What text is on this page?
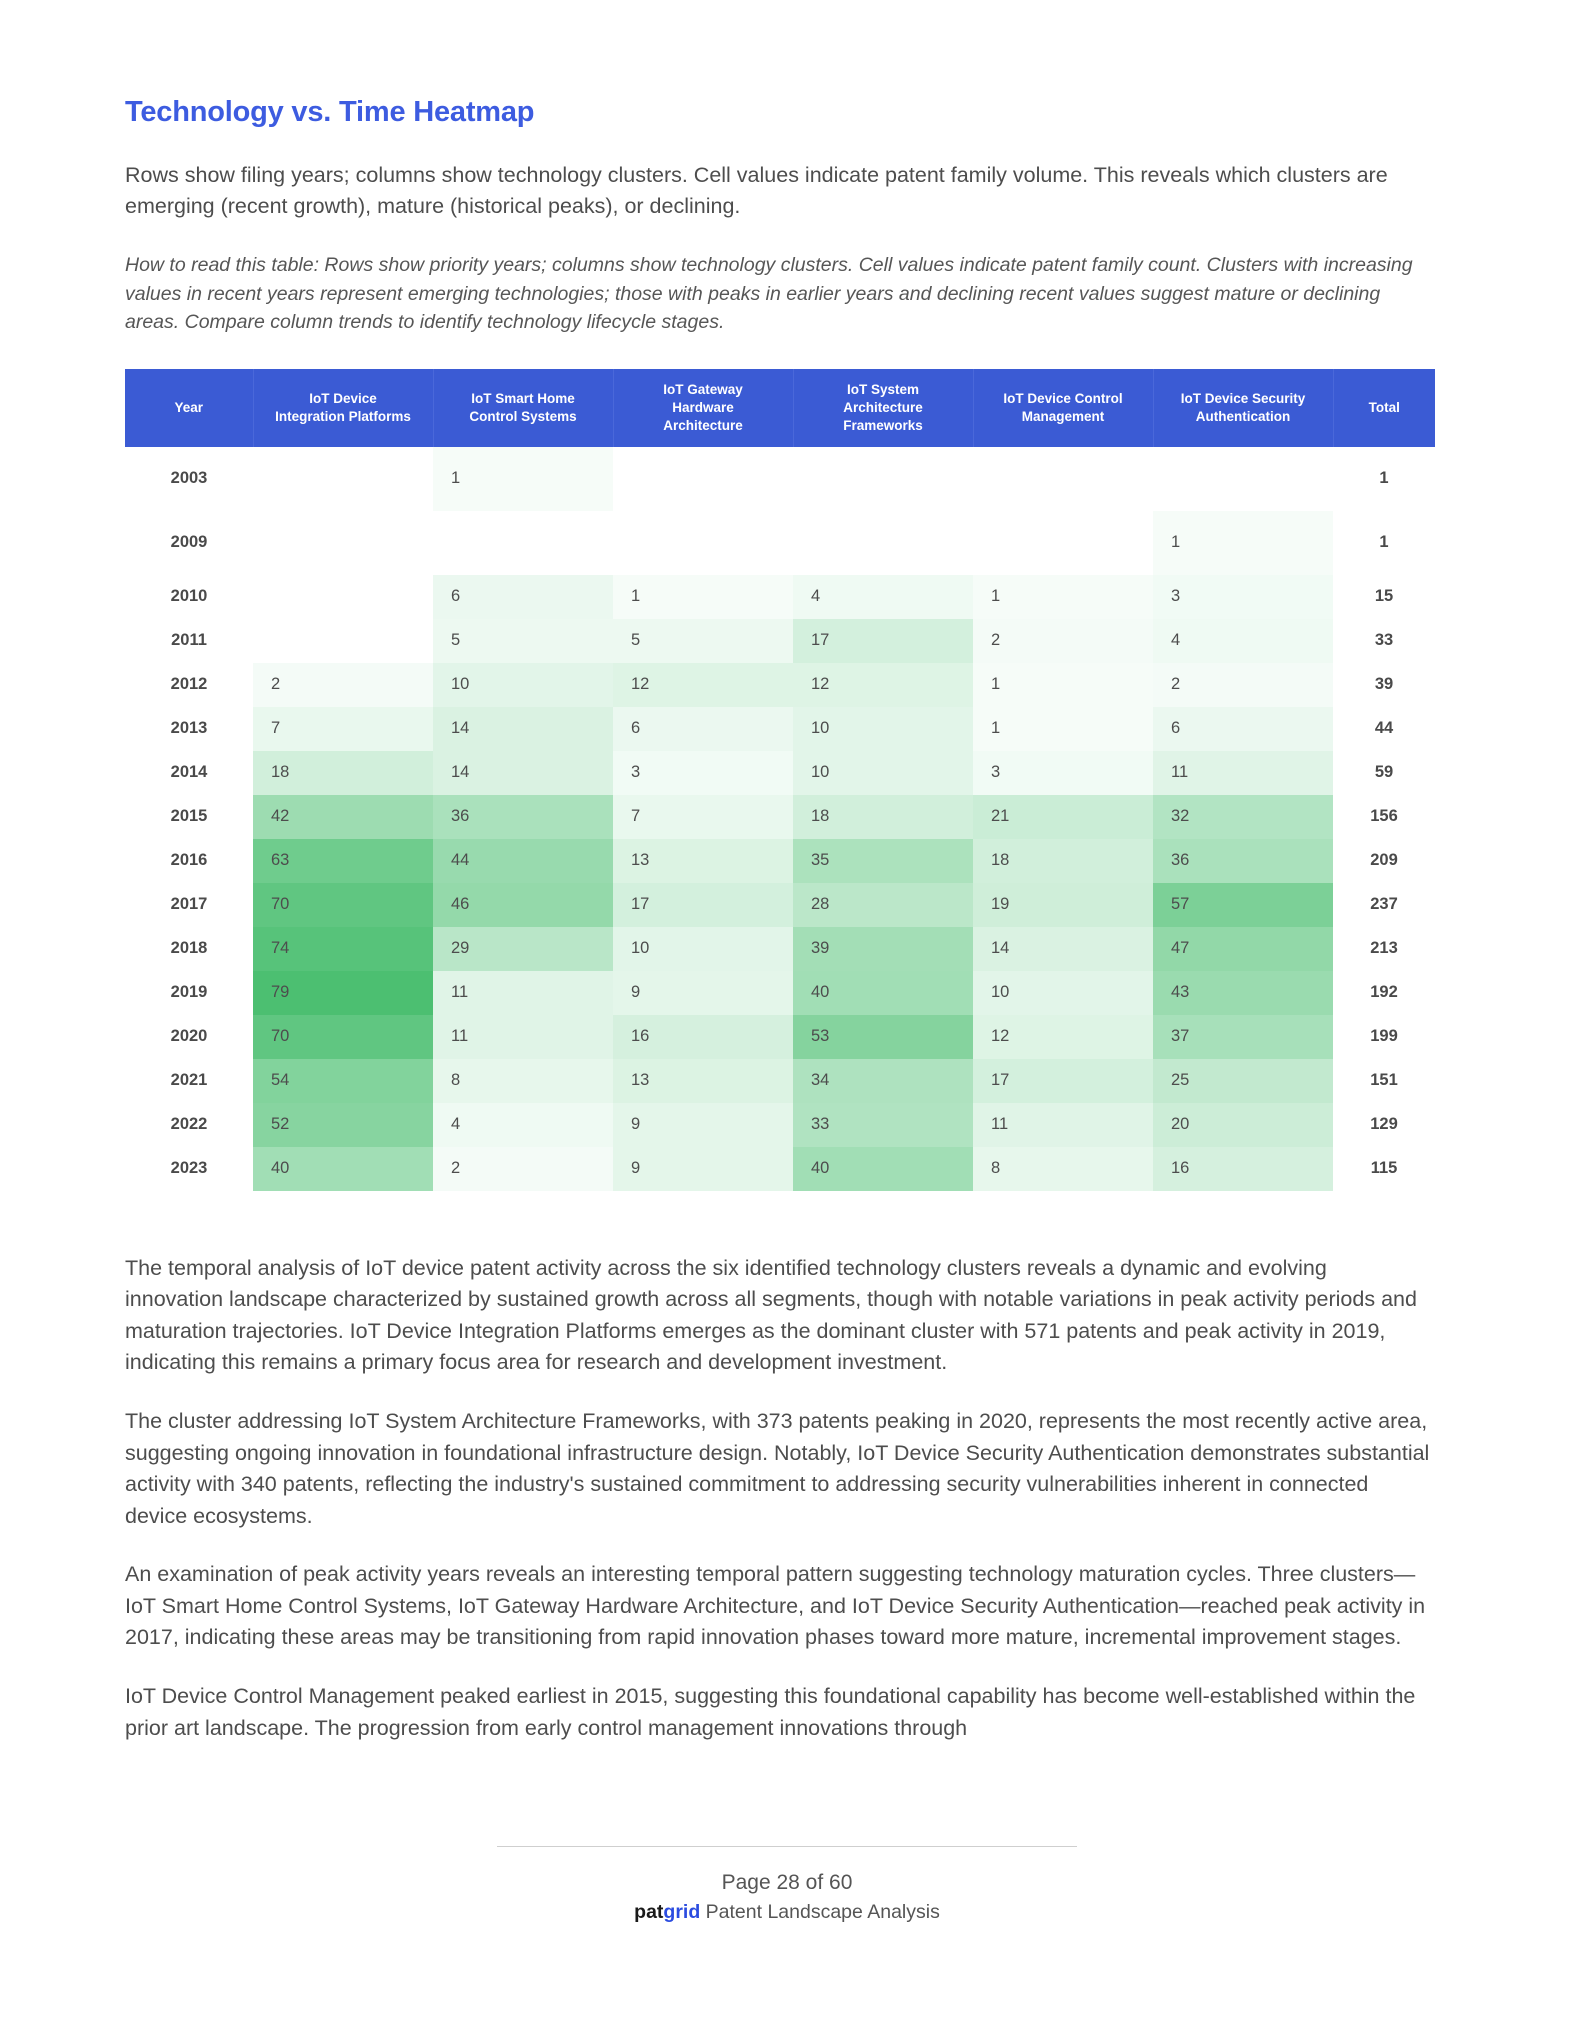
Technology vs. Time Heatmap

Rows show filing years; columns show technology clusters. Cell values indicate patent family volume. This reveals which clusters are emerging (recent growth), mature (historical peaks), or declining.

How to read this table: Rows show priority years; columns show technology clusters. Cell values indicate patent family count. Clusters with increasing values in recent years represent emerging technologies; those with peaks in earlier years and declining recent values suggest mature or declining areas. Compare column trends to identify technology lifecycle stages.

Year	
IoT Device
Integration Platforms

IoT Smart Home
Control Systems

IoT Gateway
Hardware
Architecture

IoT System
Architecture
Frameworks

IoT Device Control
Management

IoT Device Security
Authentication
	Total
2003		1					1
2009						1	1
2010		6	1	4	1	3	15
2011		5	5	17	2	4	33
2012	2	10	12	12	1	2	39
2013	7	14	6	10	1	6	44
2014	18	14	3	10	3	11	59
2015	42	36	7	18	21	32	156
2016	63	44	13	35	18	36	209
2017	70	46	17	28	19	57	237
2018	74	29	10	39	14	47	213
2019	79	11	9	40	10	43	192
2020	70	11	16	53	12	37	199
2021	54	8	13	34	17	25	151
2022	52	4	9	33	11	20	129
2023	40	2	9	40	8	16	115

The temporal analysis of IoT device patent activity across the six identified technology clusters reveals a dynamic and evolving innovation landscape characterized by sustained growth across all segments, though with notable variations in peak activity periods and maturation trajectories. IoT Device Integration Platforms emerges as the dominant cluster with 571 patents and peak activity in 2019, indicating this remains a primary focus area for research and development investment.

The cluster addressing IoT System Architecture Frameworks, with 373 patents peaking in 2020, represents the most recently active area, suggesting ongoing innovation in foundational infrastructure design. Notably, IoT Device Security Authentication demonstrates substantial activity with 340 patents, reflecting the industry's sustained commitment to addressing security vulnerabilities inherent in connected device ecosystems.

An examination of peak activity years reveals an interesting temporal pattern suggesting technology maturation cycles. Three clusters—IoT Smart Home Control Systems, IoT Gateway Hardware Architecture, and IoT Device Security Authentication—reached peak activity in 2017, indicating these areas may be transitioning from rapid innovation phases toward more mature, incremental improvement stages.

IoT Device Control Management peaked earliest in 2015, suggesting this foundational capability has become well-established within the prior art landscape. The progression from early control management innovations through

Page 28 of 60
patgrid Patent Landscape Analysis
